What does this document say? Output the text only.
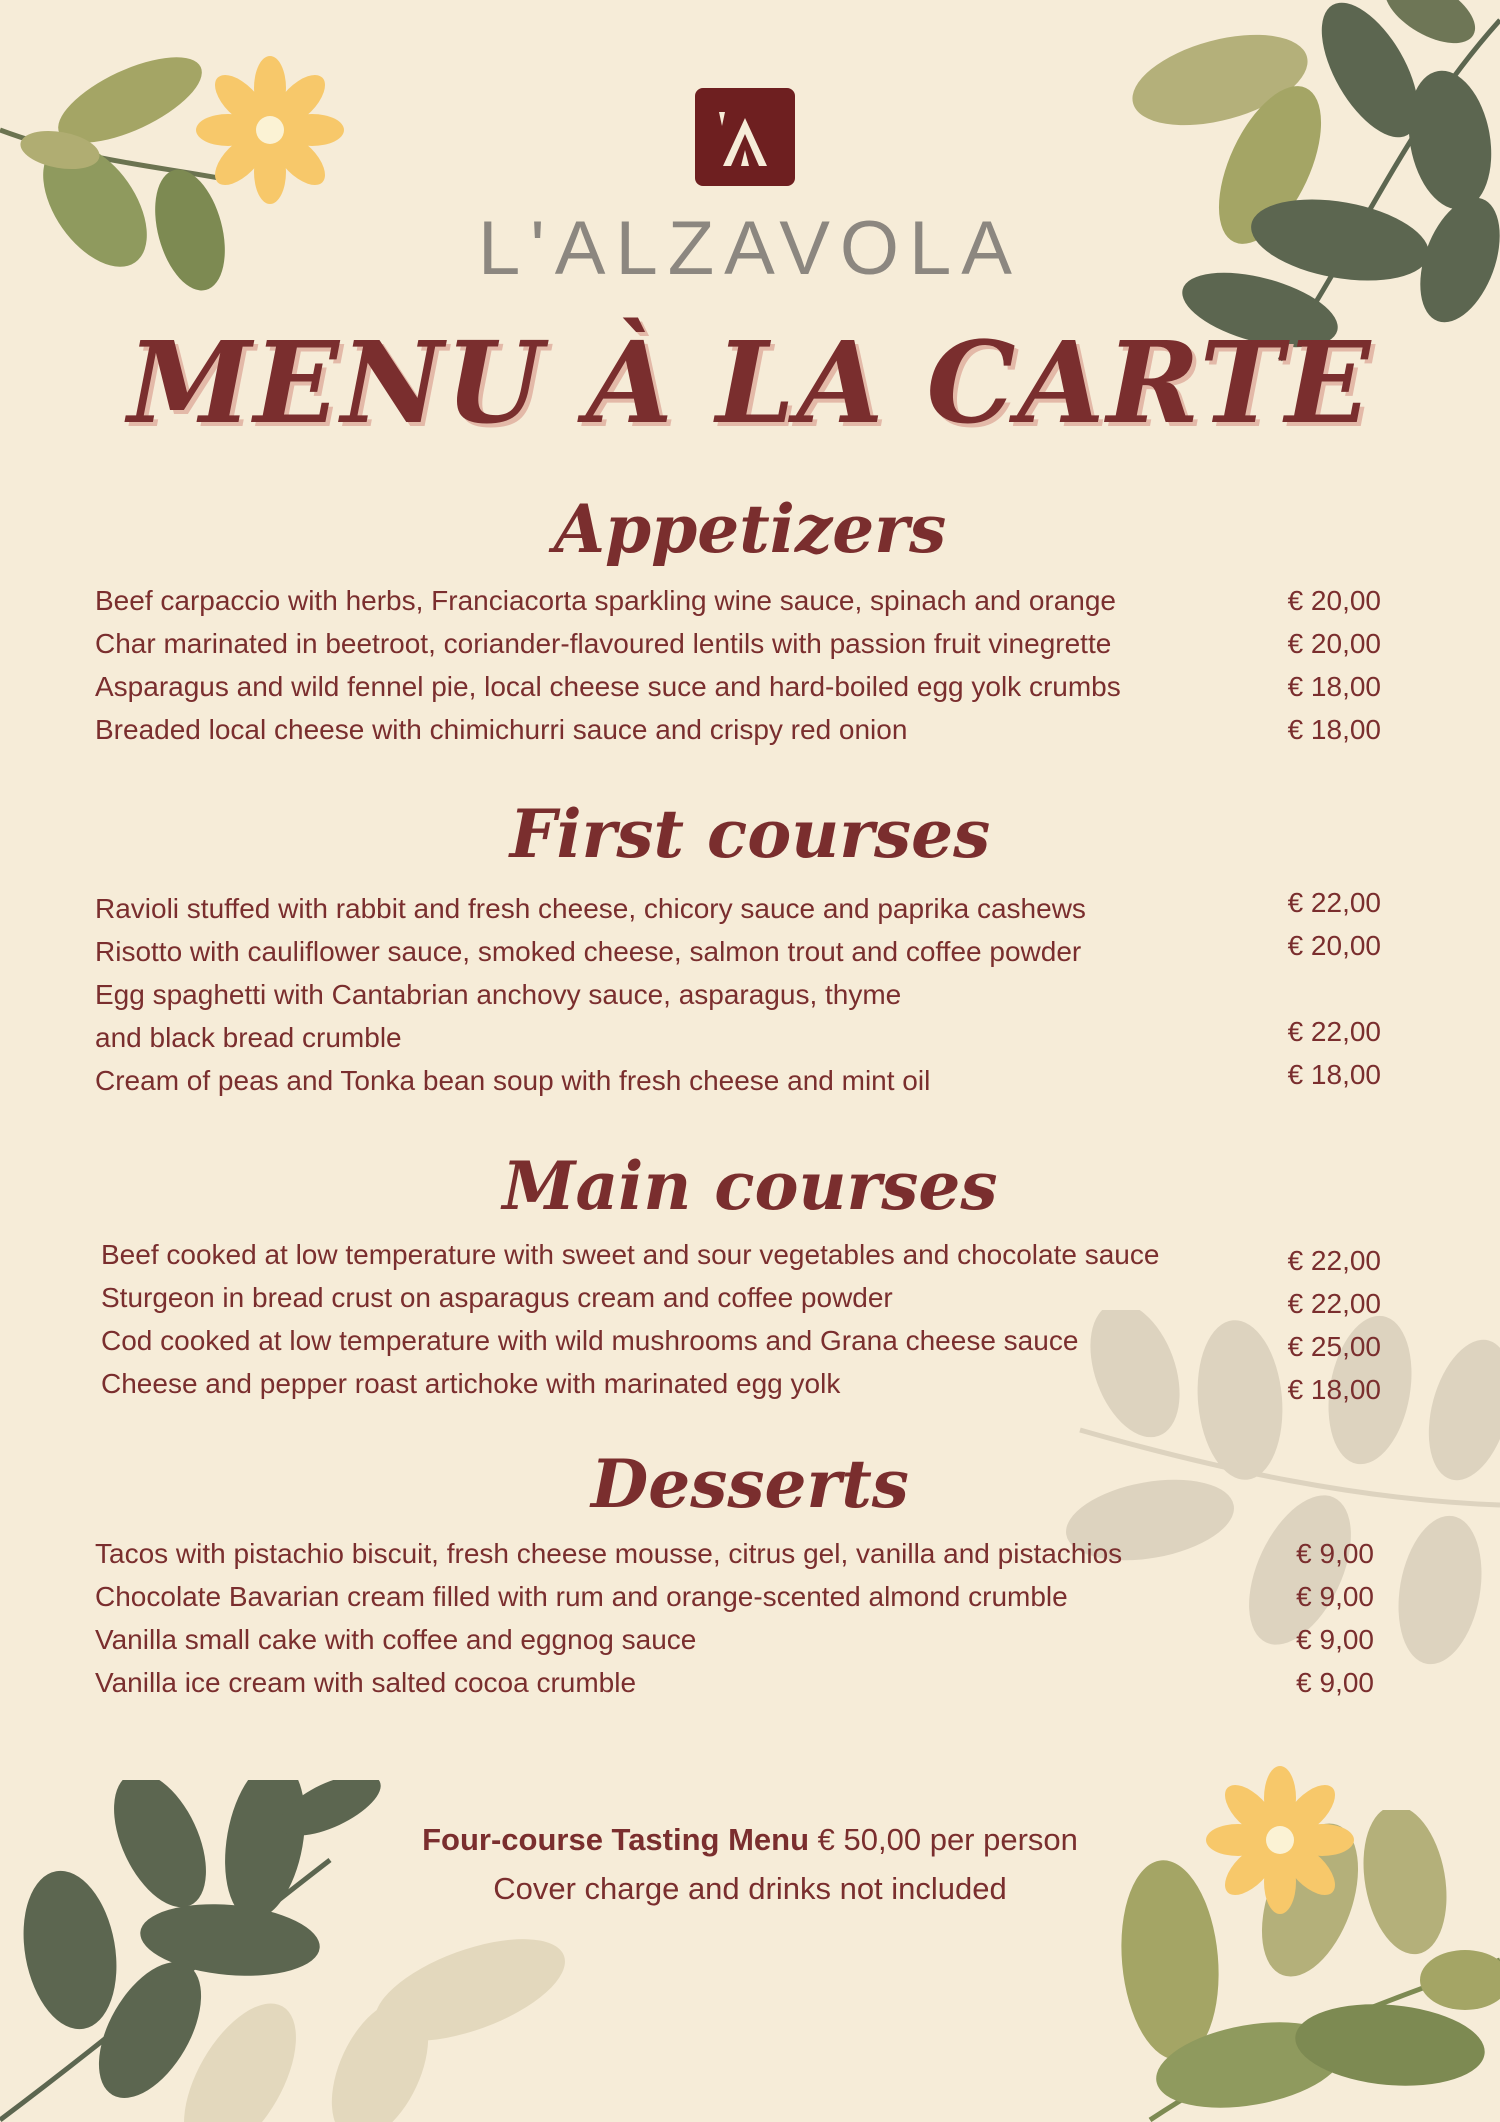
L'ALZAVOLA
MENU À LA CARTE
Appetizers
Beef carpaccio with herbs, Franciacorta sparkling wine sauce, spinach and orange	€ 20,00
Char marinated in beetroot, coriander-flavoured lentils with passion fruit vinegrette	€ 20,00
Asparagus and wild fennel pie, local cheese suce and hard-boiled egg yolk crumbs	€ 18,00
Breaded local cheese with chimichurri sauce and crispy red onion	€ 18,00
First courses
Ravioli stuffed with rabbit and fresh cheese, chicory sauce and paprika cashews	€ 22,00
Risotto with cauliflower sauce, smoked cheese, salmon trout and coffee powder	€ 20,00
Egg spaghetti with Cantabrian anchovy sauce, asparagus, thyme
and black bread crumble	€ 22,00
Cream of peas and Tonka bean soup with fresh cheese and mint oil	€ 18,00
Main courses
Beef cooked at low temperature with sweet and sour vegetables and chocolate sauce	€ 22,00
Sturgeon in bread crust on asparagus cream and coffee powder	€ 22,00
Cod cooked at low temperature with wild mushrooms and Grana cheese sauce	€ 25,00
Cheese and pepper roast artichoke with marinated egg yolk	€ 18,00
Desserts
Tacos with pistachio biscuit, fresh cheese mousse, citrus gel, vanilla and pistachios	€ 9,00
Chocolate Bavarian cream filled with rum and orange-scented almond crumble	€ 9,00
Vanilla small cake with coffee and eggnog sauce	€ 9,00
Vanilla ice cream with salted cocoa crumble	€ 9,00
Four-course Tasting Menu € 50,00 per person
Cover charge and drinks not included
